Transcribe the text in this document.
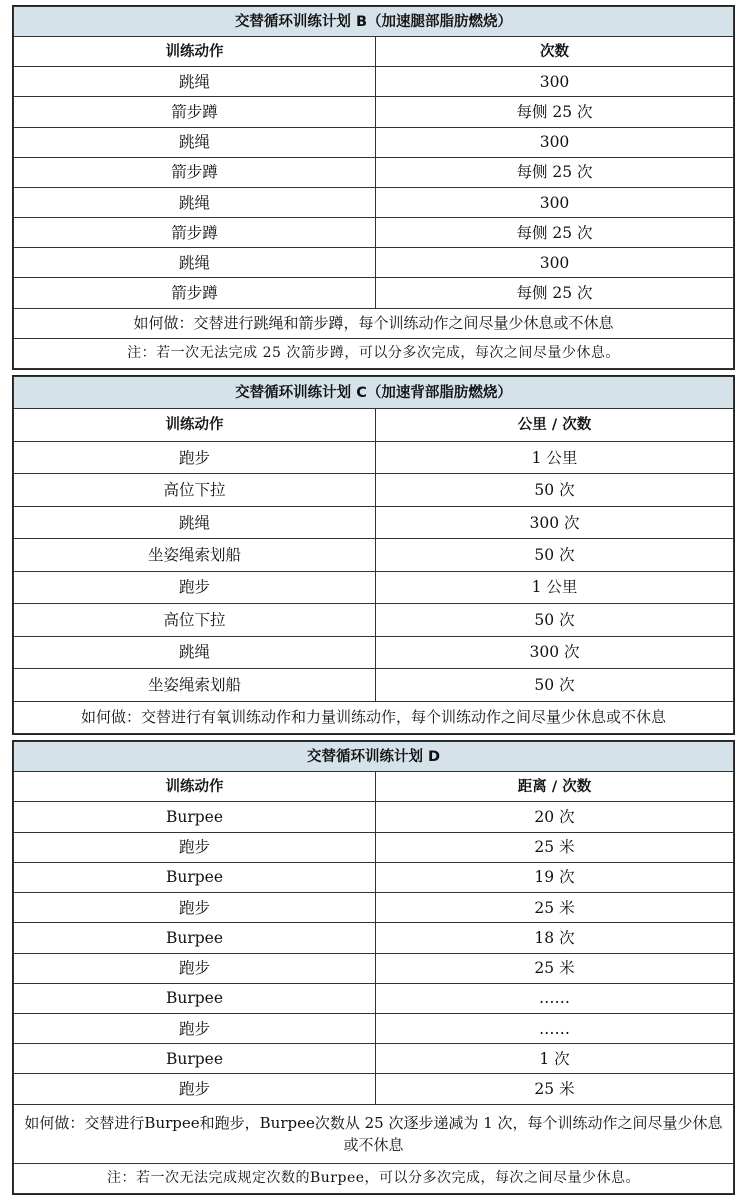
交替循环训练计划 B（加速腿部脂肪燃烧）	
训练动作	次数
跳绳	300
箭步蹲	每侧 25 次
跳绳	300
箭步蹲	每侧 25 次
跳绳	300
箭步蹲	每侧 25 次
跳绳	300
箭步蹲	每侧 25 次
如何做：交替进行跳绳和箭步蹲，每个训练动作之间尽量少休息或不休息	
注：若一次无法完成 25 次箭步蹲，可以分多次完成，每次之间尽量少休息。	
交替循环训练计划 C（加速背部脂肪燃烧）	
训练动作	公里 / 次数
跑步	1 公里
高位下拉	50 次
跳绳	300 次
坐姿绳索划船	50 次
跑步	1 公里
高位下拉	50 次
跳绳	300 次
坐姿绳索划船	50 次
如何做：交替进行有氧训练动作和力量训练动作，每个训练动作之间尽量少休息或不休息	
交替循环训练计划 D	
训练动作	距离 / 次数
Burpee	20 次
跑步	25 米
Burpee	19 次
跑步	25 米
Burpee	18 次
跑步	25 米
Burpee	……
跑步	……
Burpee	1 次
跑步	25 米
如何做：交替进行Burpee和跑步，Burpee次数从 25 次逐步递减为 1 次，每个训练动作之间尽量少休息或不休息	
注：若一次无法完成规定次数的Burpee，可以分多次完成，每次之间尽量少休息。	
